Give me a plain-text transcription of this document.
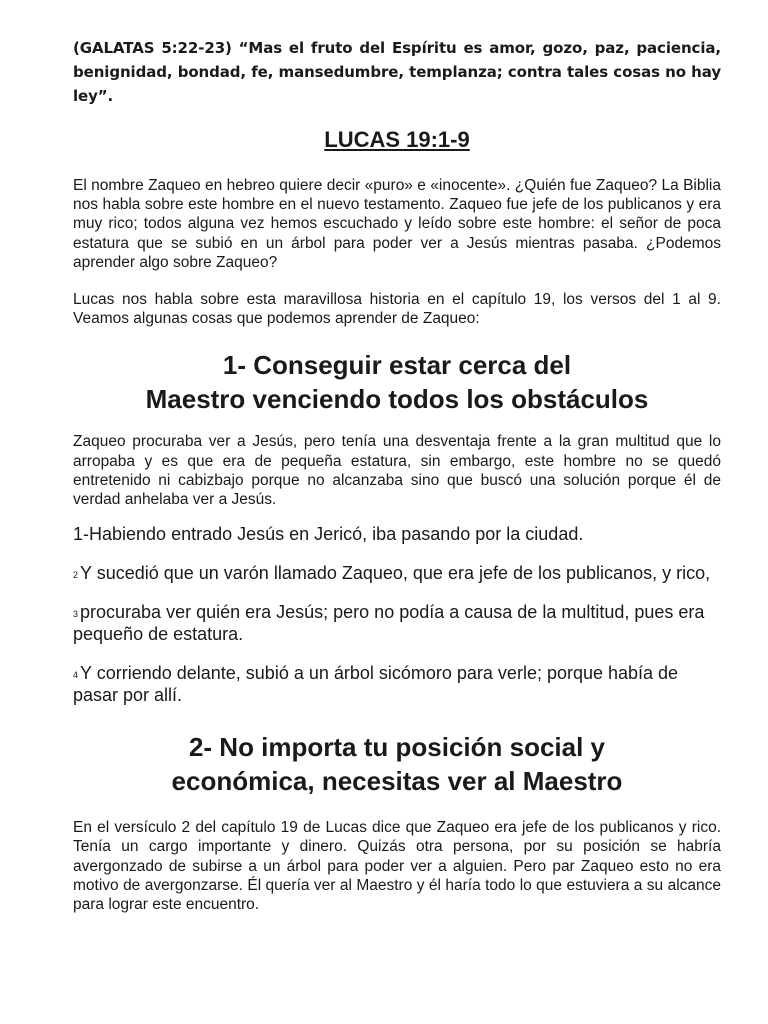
(GALATAS 5:22-23) “Mas el fruto del Espíritu es amor, gozo, paz, paciencia, benignidad, bondad, fe, mansedumbre, templanza; contra tales cosas no hay ley”.

LUCAS 19:1-9

El nombre Zaqueo en hebreo quiere decir «puro» e «inocente». ¿Quién fue Zaqueo? La Biblia nos habla sobre este hombre en el nuevo testamento. Zaqueo fue jefe de los publicanos y era muy rico; todos alguna vez hemos escuchado y leído sobre este hombre: el señor de poca estatura que se subió en un árbol para poder ver a Jesús mientras pasaba. ¿Podemos aprender algo sobre Zaqueo?

Lucas nos habla sobre esta maravillosa historia en el capítulo 19, los versos del 1 al 9. Veamos algunas cosas que podemos aprender de Zaqueo:

1- Conseguir estar cerca del
Maestro venciendo todos los obstáculos

Zaqueo procuraba ver a Jesús, pero tenía una desventaja frente a la gran multitud que lo arropaba y es que era de pequeña estatura, sin embargo, este hombre no se quedó entretenido ni cabizbajo porque no alcanzaba sino que buscó una solución porque él de verdad anhelaba ver a Jesús.

1-Habiendo entrado Jesús en Jericó, iba pasando por la ciudad.

$^2$ Y sucedió que un varón llamado Zaqueo, que era jefe de los publicanos, y rico,

$^3$ procuraba ver quién era Jesús; pero no podía a causa de la multitud, pues era pequeño de estatura.

$^4$ Y corriendo delante, subió a un árbol sicómoro para verle; porque había de pasar por allí.

2- No importa tu posición social y
económica, necesitas ver al Maestro

En el versículo 2 del capítulo 19 de Lucas dice que Zaqueo era jefe de los publicanos y rico. Tenía un cargo importante y dinero. Quizás otra persona, por su posición se habría avergonzado de subirse a un árbol para poder ver a alguien. Pero par Zaqueo esto no era motivo de avergonzarse. Él quería ver al Maestro y él haría todo lo que estuviera a su alcance para lograr este encuentro.
